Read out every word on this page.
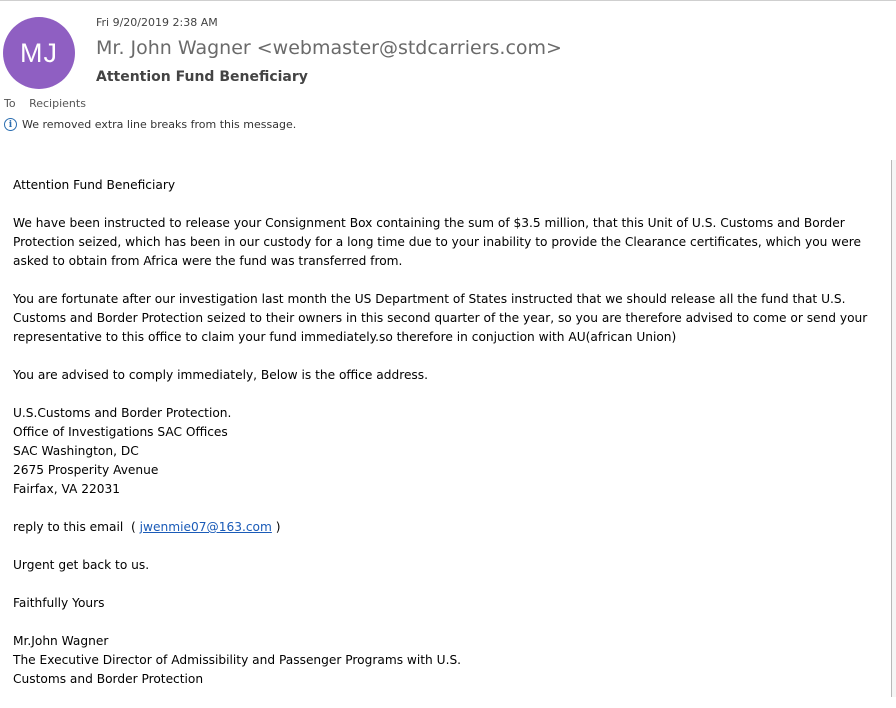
MJ
Fri 9/20/2019 2:38 AM
Mr. John Wagner <webmaster@stdcarriers.com>
Attention Fund Beneficiary
To Recipients
i We removed extra line breaks from this message.

Attention Fund Beneficiary

We have been instructed to release your Consignment Box containing the sum of $3.5 million, that this Unit of U.S. Customs and Border Protection seized, which has been in our custody for a long time due to your inability to provide the Clearance certificates, which you were asked to obtain from Africa were the fund was transferred from.

You are fortunate after our investigation last month the US Department of States instructed that we should release all the fund that U.S. Customs and Border Protection seized to their owners in this second quarter of the year, so you are therefore advised to come or send your representative to this office to claim your fund immediately.so therefore in conjuction with AU(african Union)

You are advised to comply immediately, Below is the office address.

U.S.Customs and Border Protection.
Office of Investigations SAC Offices
SAC Washington, DC
2675 Prosperity Avenue
Fairfax, VA 22031

reply to this email  ( jwenmie07@163.com )

Urgent get back to us.

Faithfully Yours

Mr.John Wagner
The Executive Director of Admissibility and Passenger Programs with U.S.
Customs and Border Protection
